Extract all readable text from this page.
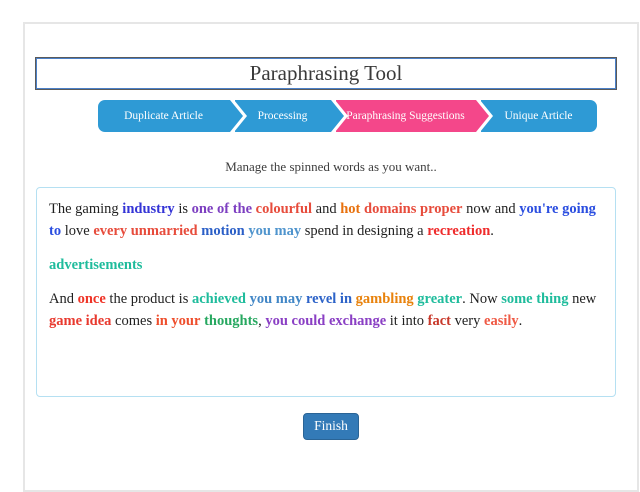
Paraphrasing Tool
Duplicate Article	Processing	Paraphrasing Suggestions	Unique Article
Manage the spinned words as you want..

The gaming industry is one of the colourful and hot domains proper now and you're going to love every unmarried motion you may spend in designing a recreation.

advertisements

And once the product is achieved you may revel in gambling greater. Now some thing new game idea comes in your thoughts, you could exchange it into fact very easily.

Finish
